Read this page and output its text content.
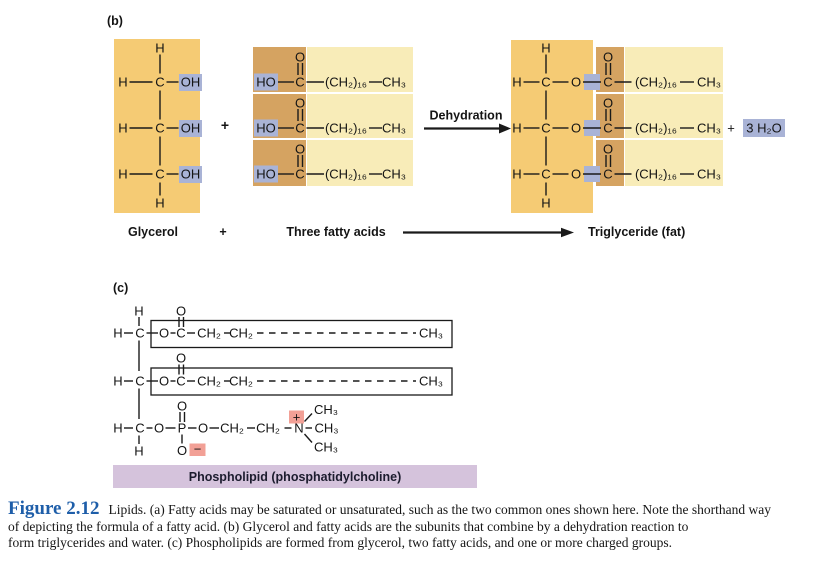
(b)
H
H C OH
H C OH
H C OH
H
+
HO C
O
(CH₂)₁₆ CH₃
HO C
O
(CH₂)₁₆ CH₃
HO C
O
(CH₂)₁₆ CH₃
Dehydration
H C O C
O
(CH₂)₁₆ CH₃
H C O C
O
(CH₂)₁₆ CH₃
H C O C
O
(CH₂)₁₆ CH₃
H
H
+ 3 H₂O
Glycerol	+	Three fatty acids	Triglyceride (fat)
(c)
H
H
H C O C
O
CH₂ CH₂	CH₃
H C O C
O
CH₂ CH₂	CH₃
H C O P
O
O −
O CH₂ CH₂ N
+ CH₃
CH₃
CH₃
Phospholipid (phosphatidylcholine)
Figure 2.12 Lipids. (a) Fatty acids may be saturated or unsaturated, such as the two common ones shown here. Note the shorthand way
of depicting the formula of a fatty acid. (b) Glycerol and fatty acids are the subunits that combine by a dehydration reaction to
form triglycerides and water. (c) Phospholipids are formed from glycerol, two fatty acids, and one or more charged groups.
